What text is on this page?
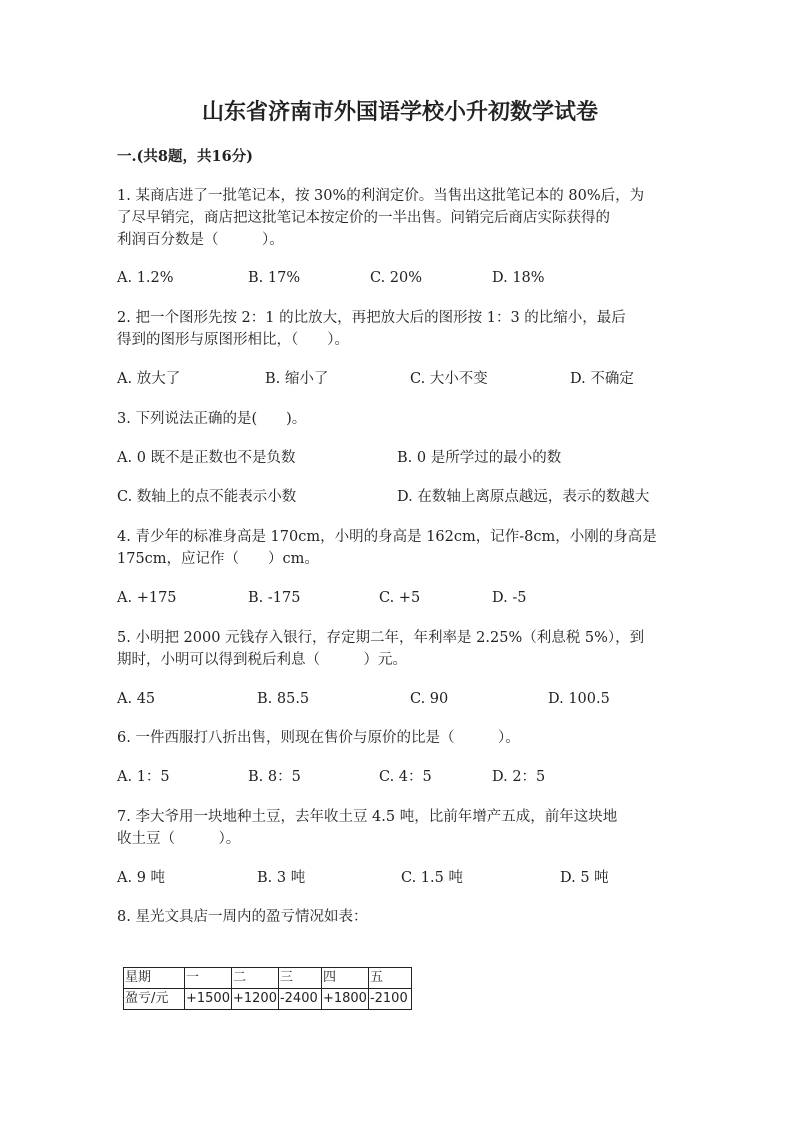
山东省济南市外国语学校小升初数学试卷
一.(共8题，共16分)
1. 某商店进了一批笔记本，按 30%的利润定价。当售出这批笔记本的 80%后，为
了尽早销完，商店把这批笔记本按定价的一半出售。问销完后商店实际获得的
利润百分数是（　　　）。
A. 1.2%	B. 17%	C. 20%	D. 18%
2. 把一个图形先按 2：1 的比放大，再把放大后的图形按 1：3 的比缩小，最后
得到的图形与原图形相比，（　　）。
A. 放大了	B. 缩小了	C. 大小不变	D. 不确定
3. 下列说法正确的是(　　)。
A. 0 既不是正数也不是负数	B. 0 是所学过的最小的数
C. 数轴上的点不能表示小数	D. 在数轴上离原点越远，表示的数越大
4. 青少年的标准身高是 170cm，小明的身高是 162cm，记作-8cm，小刚的身高是
175cm，应记作（　　）cm。
A. +175	B. -175	C. +5	D. -5
5. 小明把 2000 元钱存入银行，存定期二年，年利率是 2.25%（利息税 5%），到
期时，小明可以得到税后利息（　　　）元。
A. 45	B. 85.5	C. 90	D. 100.5
6. 一件西服打八折出售，则现在售价与原价的比是（　　　）。
A. 1：5	B. 8：5	C. 4：5	D. 2：5
7. 李大爷用一块地种土豆，去年收土豆 4.5 吨，比前年增产五成，前年这块地
收土豆（　　　）。
A. 9 吨	B. 3 吨	C. 1.5 吨	D. 5 吨
8. 星光文具店一周内的盈亏情况如表：
星期	一	二	三	四	五
盈亏/元	+1500	+1200	-2400	+1800	-2100
